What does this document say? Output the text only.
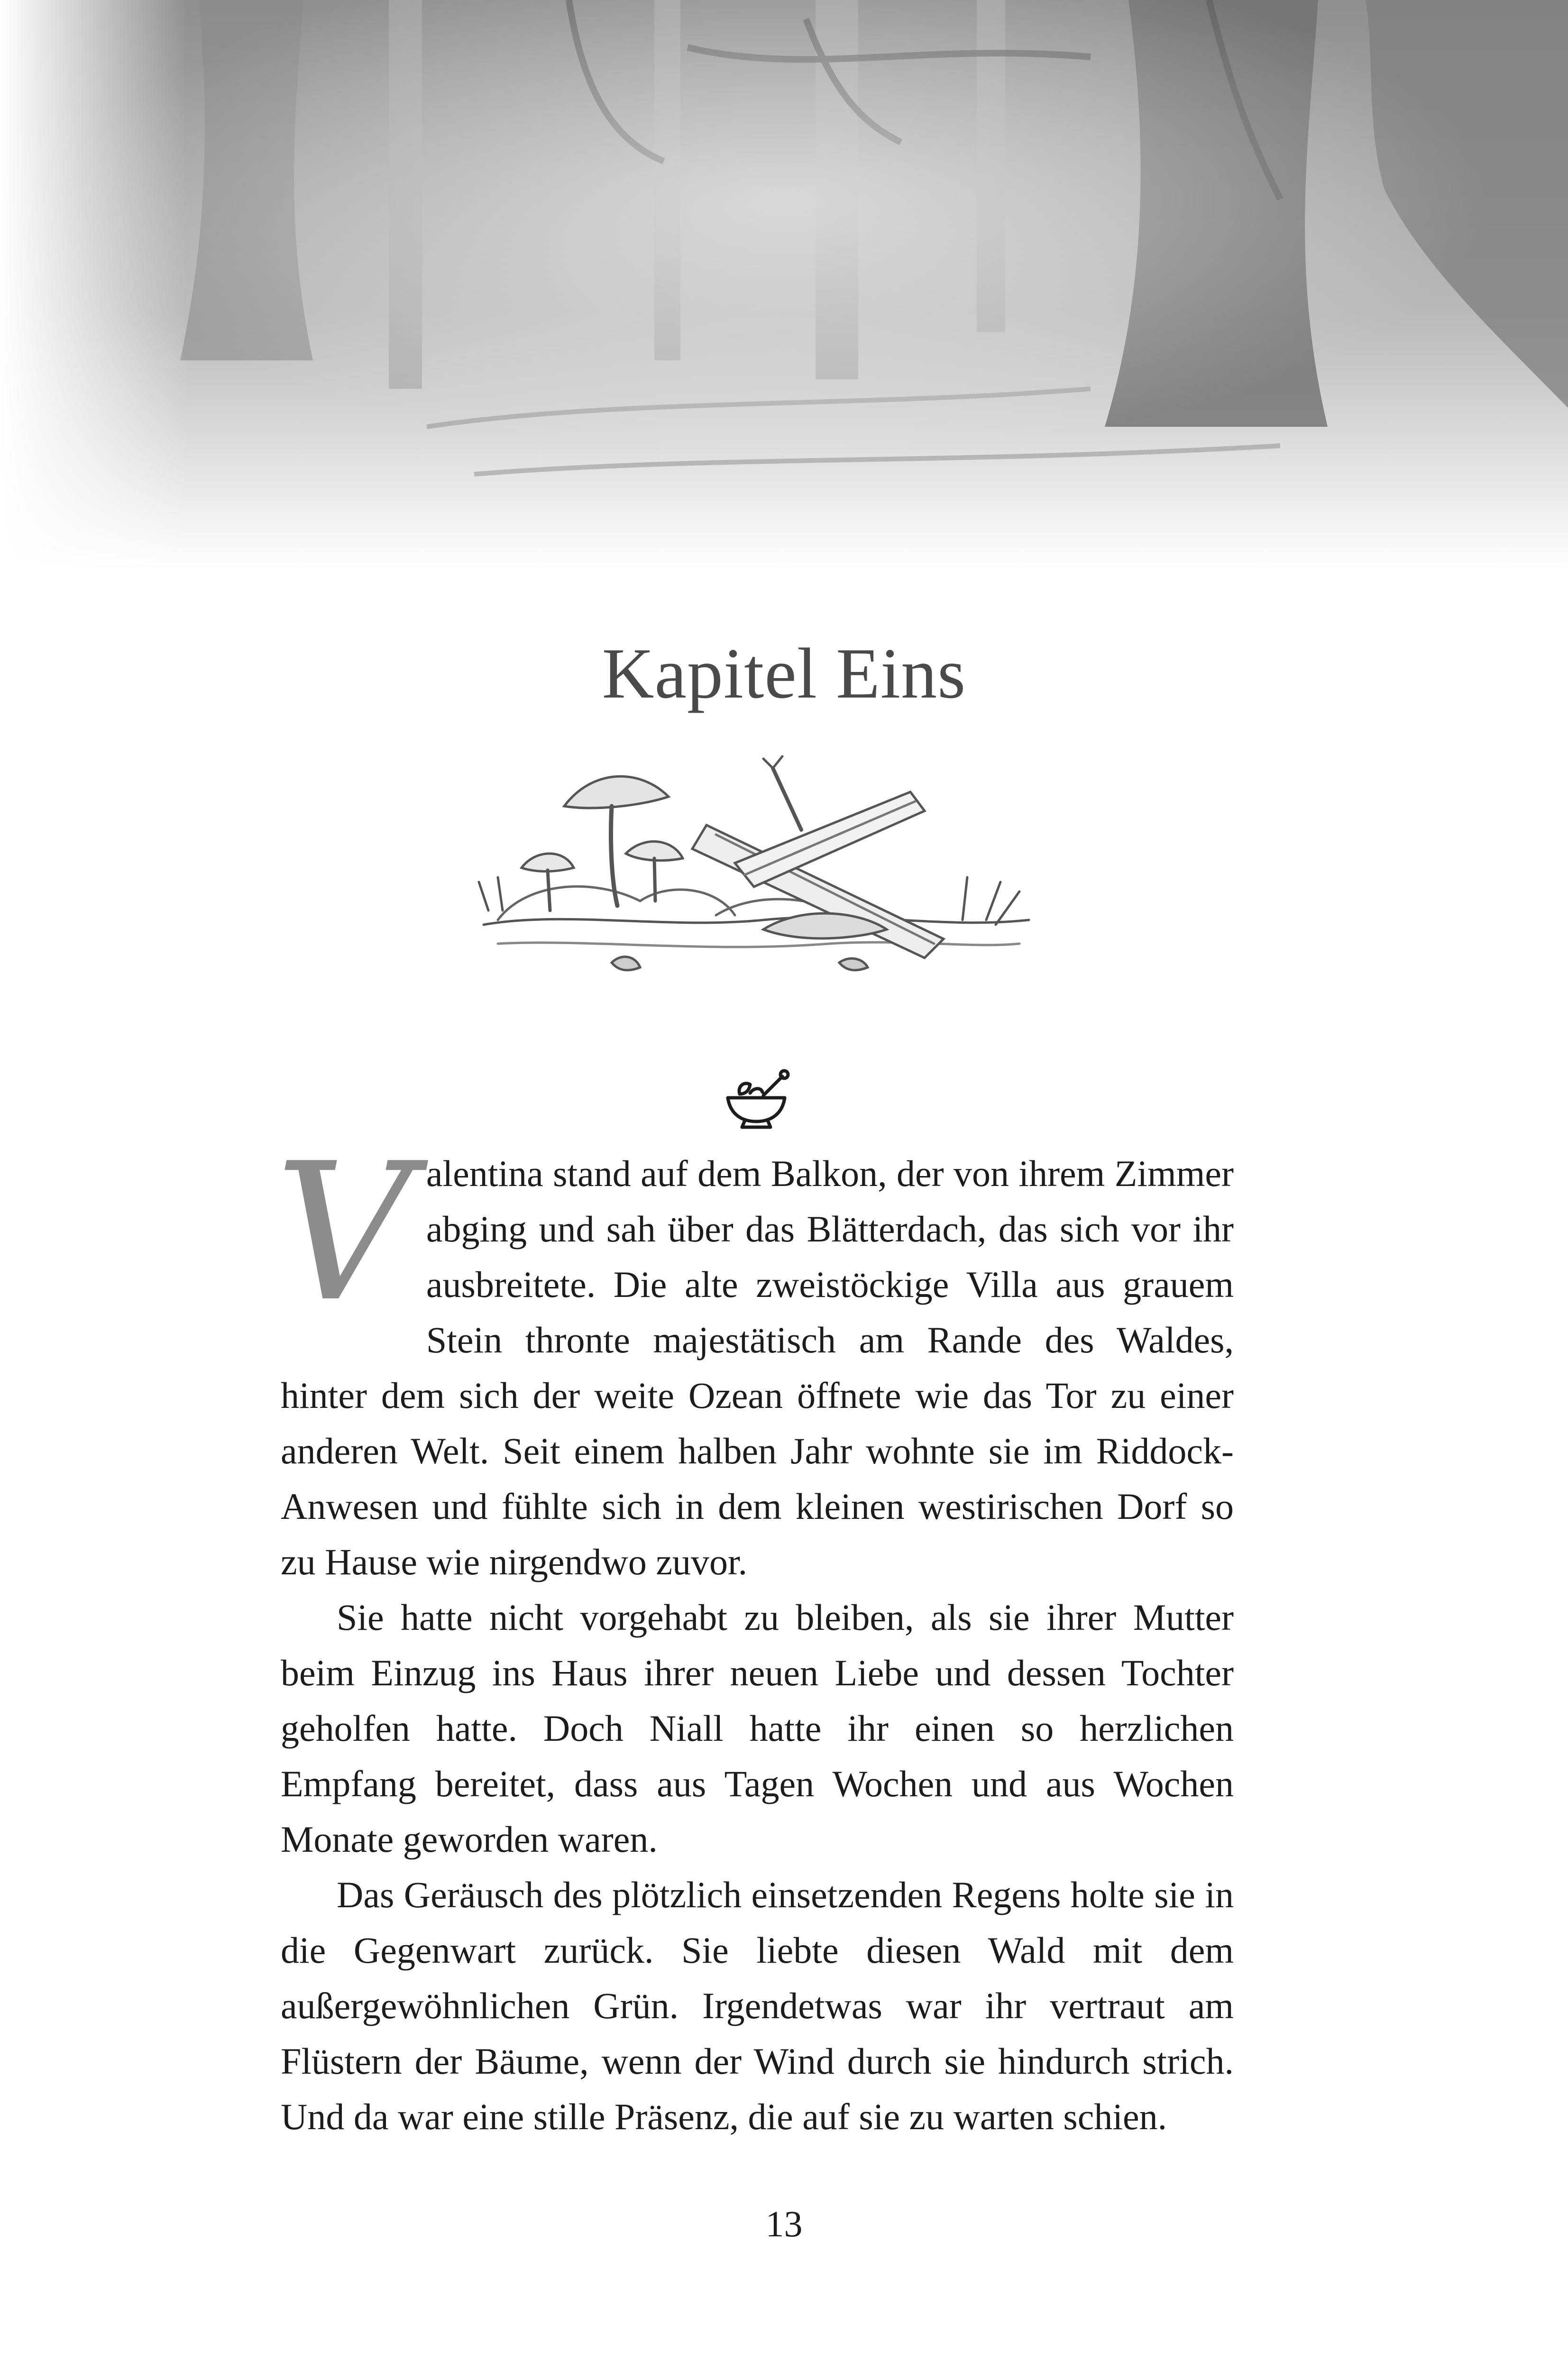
Kapitel Eins
V alentina stand auf dem Balkon, der von ihrem Zimmer abging und sah über das Blätterdach, das sich vor ihr ausbreitete. Die alte zweistöckige Villa aus grauem Stein thronte majestätisch am Rande des Waldes, hinter dem sich der weite Ozean öffnete wie das Tor zu einer anderen Welt. Seit einem halben Jahr wohnte sie im Riddock-Anwesen und fühlte sich in dem kleinen westirischen Dorf so zu Hause wie nirgendwo zuvor.

Sie hatte nicht vorgehabt zu bleiben, als sie ihrer Mutter beim Einzug ins Haus ihrer neuen Liebe und dessen Tochter geholfen hatte. Doch Niall hatte ihr einen so herzlichen Empfang bereitet, dass aus Tagen Wochen und aus Wochen Monate geworden waren.

Das Geräusch des plötzlich einsetzenden Regens holte sie in die Gegenwart zurück. Sie liebte diesen Wald mit dem außergewöhnlichen Grün. Irgendetwas war ihr vertraut am Flüstern der Bäume, wenn der Wind durch sie hindurch strich. Und da war eine stille Präsenz, die auf sie zu warten schien.

13
